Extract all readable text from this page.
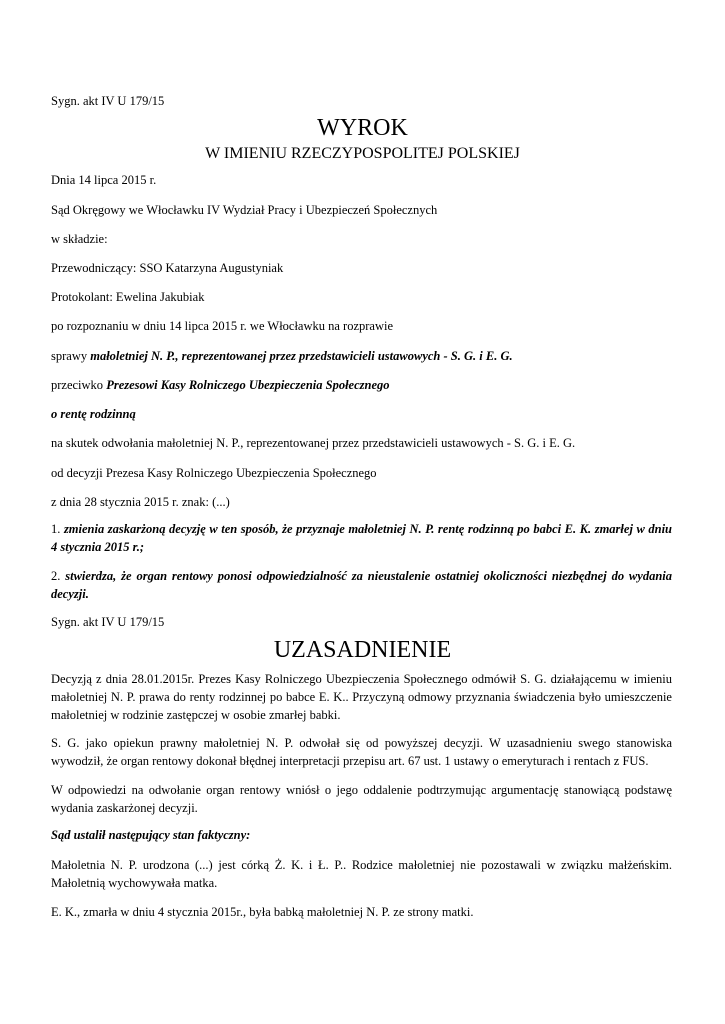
Sygn. akt IV U 179/15
WYROK
W IMIENIU RZECZYPOSPOLITEJ POLSKIEJ
Dnia 14 lipca 2015 r.
Sąd Okręgowy we Włocławku IV Wydział Pracy i Ubezpieczeń Społecznych
w składzie:
Przewodniczący: SSO Katarzyna Augustyniak
Protokolant: Ewelina Jakubiak
po rozpoznaniu w dniu 14 lipca 2015 r. we Włocławku na rozprawie
sprawy małoletniej N. P., reprezentowanej przez przedstawicieli ustawowych - S. G. i E. G.
przeciwko Prezesowi Kasy Rolniczego Ubezpieczenia Społecznego
o rentę rodzinną
na skutek odwołania małoletniej N. P., reprezentowanej przez przedstawicieli ustawowych - S. G. i E. G.
od decyzji Prezesa Kasy Rolniczego Ubezpieczenia Społecznego
z dnia 28 stycznia 2015 r. znak: (...)
1. zmienia zaskarżoną decyzję w ten sposób, że przyznaje małoletniej N. P. rentę rodzinną po babci E. K. zmarłej w dniu 4 stycznia 2015 r.;
2. stwierdza, że organ rentowy ponosi odpowiedzialność za nieustalenie ostatniej okoliczności niezbędnej do wydania decyzji.
Sygn. akt IV U 179/15
UZASADNIENIE
Decyzją z dnia 28.01.2015r. Prezes Kasy Rolniczego Ubezpieczenia Społecznego odmówił S. G. działającemu w imieniu małoletniej N. P. prawa do renty rodzinnej po babce E. K.. Przyczyną odmowy przyznania świadczenia było umieszczenie małoletniej w rodzinie zastępczej w osobie zmarłej babki.
S. G. jako opiekun prawny małoletniej N. P. odwołał się od powyższej decyzji. W uzasadnieniu swego stanowiska wywodził, że organ rentowy dokonał błędnej interpretacji przepisu art. 67 ust. 1 ustawy o emeryturach i rentach z FUS.
W odpowiedzi na odwołanie organ rentowy wniósł o jego oddalenie podtrzymując argumentację stanowiącą podstawę wydania zaskarżonej decyzji.
Sąd ustalił następujący stan faktyczny:
Małoletnia N. P. urodzona (...) jest córką Ż. K. i Ł. P.. Rodzice małoletniej nie pozostawali w związku małżeńskim. Małoletnią wychowywała matka.
E. K., zmarła w dniu 4 stycznia 2015r., była babką małoletniej N. P. ze strony matki.
